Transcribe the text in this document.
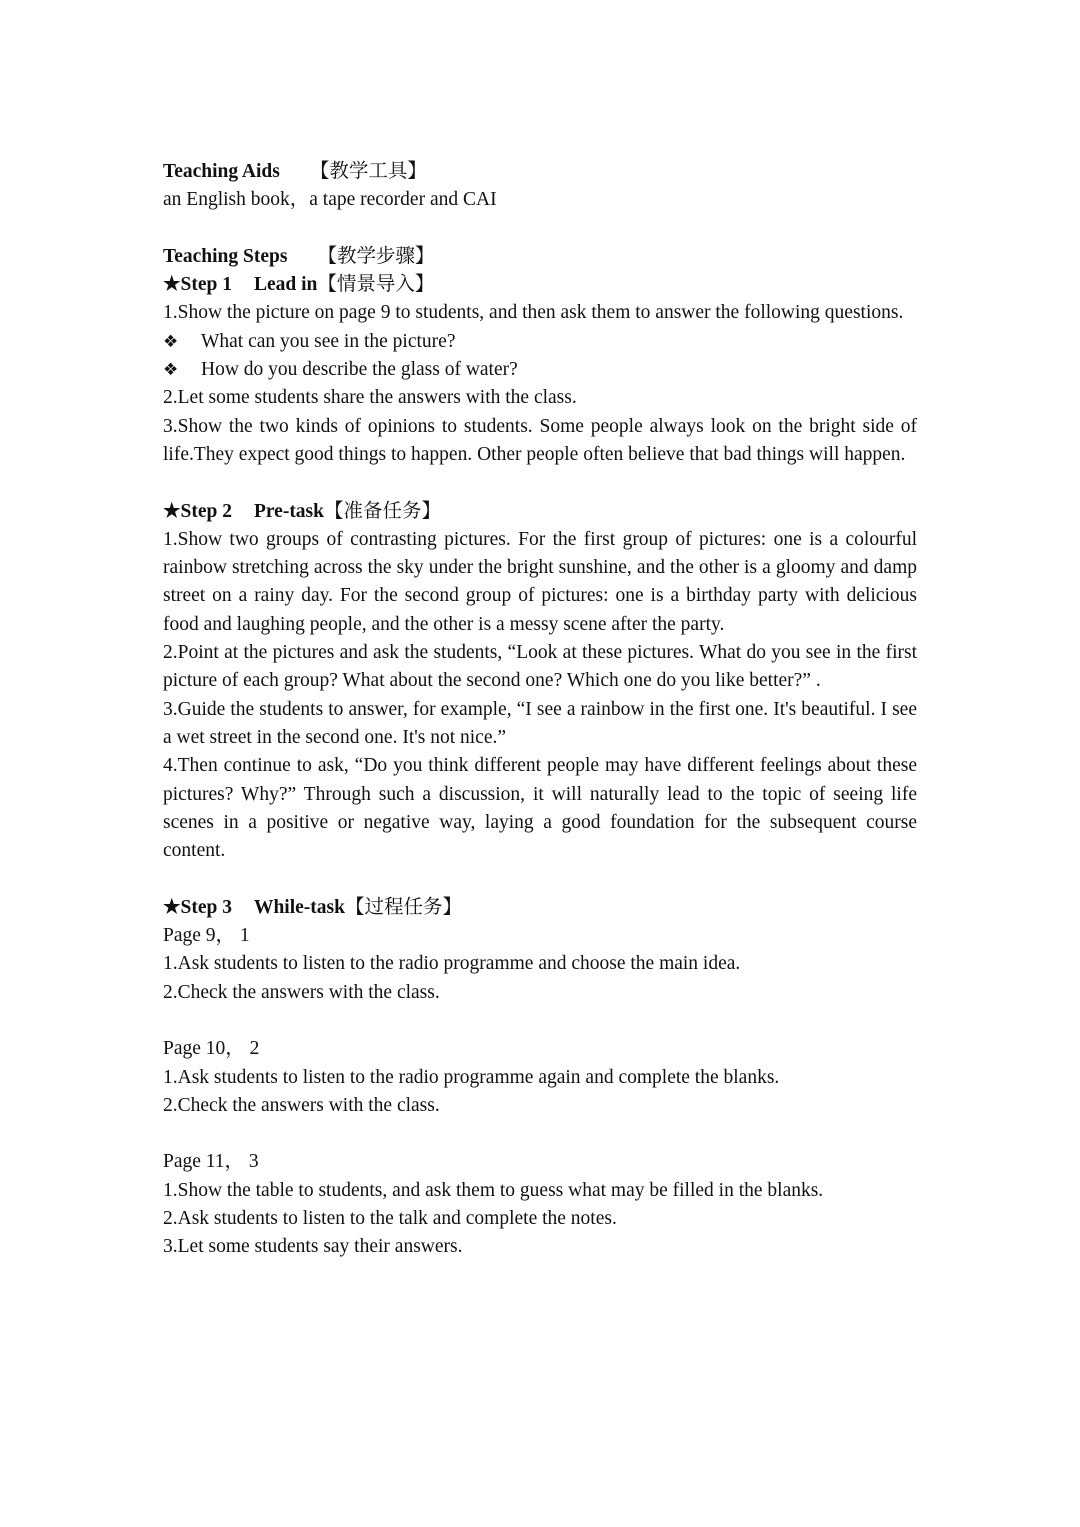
Teaching Aids 【教学工具】

an English book，a tape recorder and CAI

Teaching Steps 【教学步骤】

★Step 1 Lead in【情景导入】

1.Show the picture on page 9 to students, and then ask them to answer the following questions.

❖	What can you see in the picture?
❖	How do you describe the glass of water?

2.Let some students share the answers with the class.

3.Show the two kinds of opinions to students. Some people always look on the bright side of life.They expect good things to happen. Other people often believe that bad things will happen.

★Step 2 Pre-task【准备任务】

1.Show two groups of contrasting pictures. For the first group of pictures: one is a colourful rainbow stretching across the sky under the bright sunshine, and the other is a gloomy and damp street on a rainy day. For the second group of pictures: one is a birthday party with delicious food and laughing people, and the other is a messy scene after the party.

2.Point at the pictures and ask the students, “Look at these pictures. What do you see in the first picture of each group? What about the second one? Which one do you like better?” .

3.Guide the students to answer, for example, “I see a rainbow in the first one. It's beautiful. I see a wet street in the second one. It's not nice.”

4.Then continue to ask, “Do you think different people may have different feelings about these pictures? Why?” Through such a discussion, it will naturally lead to the topic of seeing life scenes in a positive or negative way, laying a good foundation for the subsequent course content.

★Step 3 While-task【过程任务】

Page 9， 1

1.Ask students to listen to the radio programme and choose the main idea.

2.Check the answers with the class.

Page 10， 2

1.Ask students to listen to the radio programme again and complete the blanks.

2.Check the answers with the class.

Page 11， 3

1.Show the table to students, and ask them to guess what may be filled in the blanks.

2.Ask students to listen to the talk and complete the notes.

3.Let some students say their answers.
